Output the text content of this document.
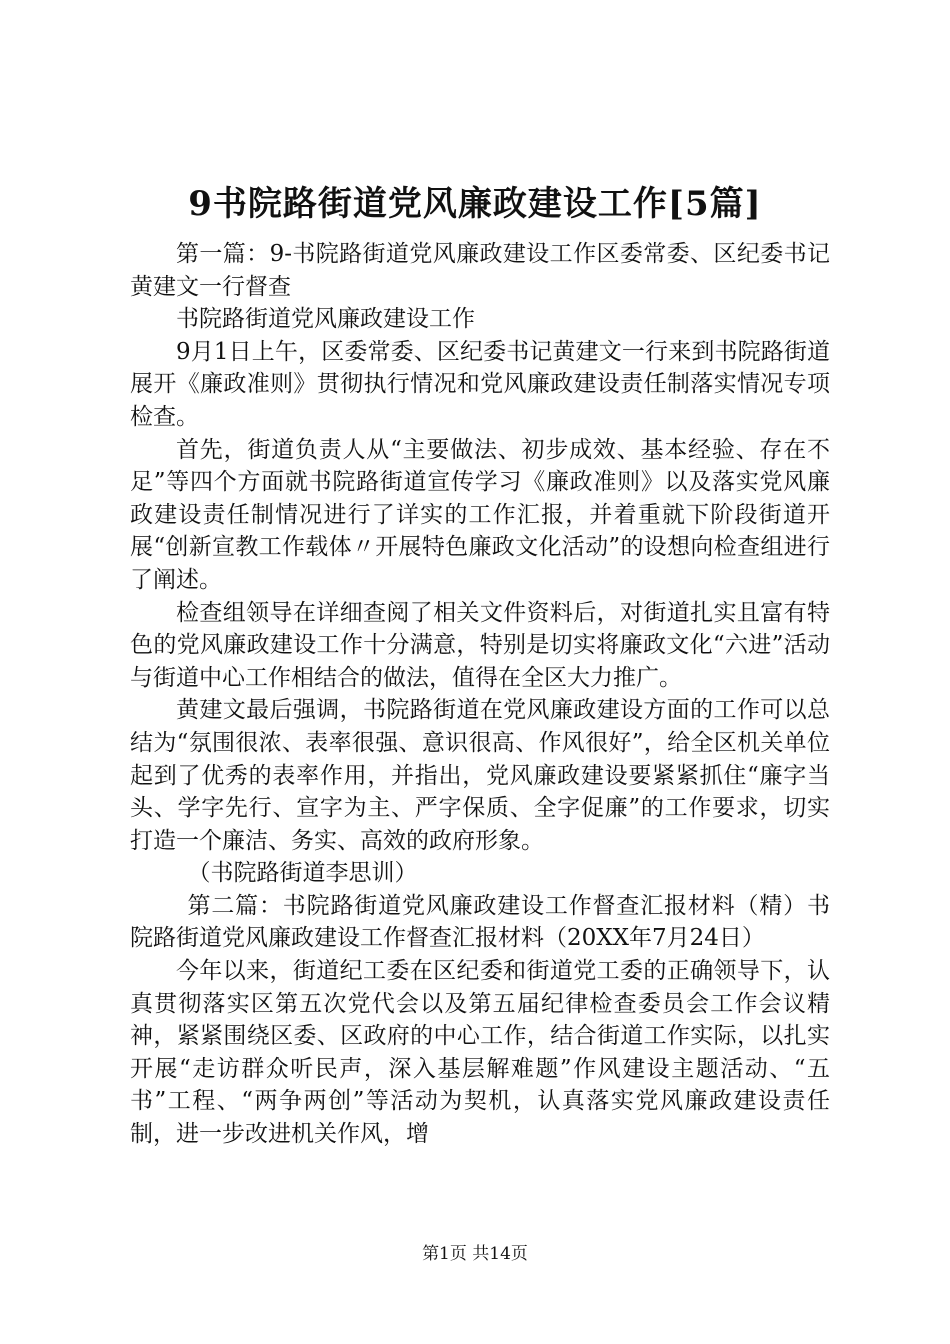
9书院路街道党风廉政建设工作[5篇]

第一篇：9-书院路街道党风廉政建设工作区委常委、区纪委书记黄建文一行督查

书院路街道党风廉政建设工作

9月1日上午，区委常委、区纪委书记黄建文一行来到书院路街道展开《廉政准则》贯彻执行情况和党风廉政建设责任制落实情况专项检查。

首先，街道负责人从“主要做法、初步成效、基本经验、存在不足”等四个方面就书院路街道宣传学习《廉政准则》以及落实党风廉政建设责任制情况进行了详实的工作汇报，并着重就下阶段街道开展“创新宣教工作载体〃开展特色廉政文化活动”的设想向检查组进行了阐述。

检查组领导在详细查阅了相关文件资料后，对街道扎实且富有特色的党风廉政建设工作十分满意，特别是切实将廉政文化“六进”活动与街道中心工作相结合的做法，值得在全区大力推广。

黄建文最后强调，书院路街道在党风廉政建设方面的工作可以总结为“氛围很浓、表率很强、意识很高、作风很好”，给全区机关单位起到了优秀的表率作用，并指出，党风廉政建设要紧紧抓住“廉字当头、学字先行、宣字为主、严字保质、全字促廉”的工作要求，切实打造一个廉洁、务实、高效的政府形象。

（书院路街道李思训）

第二篇：书院路街道党风廉政建设工作督查汇报材料（精）书院路街道党风廉政建设工作督查汇报材料（20XX年7月24日）

今年以来，街道纪工委在区纪委和街道党工委的正确领导下，认真贯彻落实区第五次党代会以及第五届纪律检查委员会工作会议精神，紧紧围绕区委、区政府的中心工作，结合街道工作实际，以扎实开展“走访群众听民声，深入基层解难题”作风建设主题活动、“五书”工程、“两争两创”等活动为契机，认真落实党风廉政建设责任制，进一步改进机关作风，增

第1页 共14页
